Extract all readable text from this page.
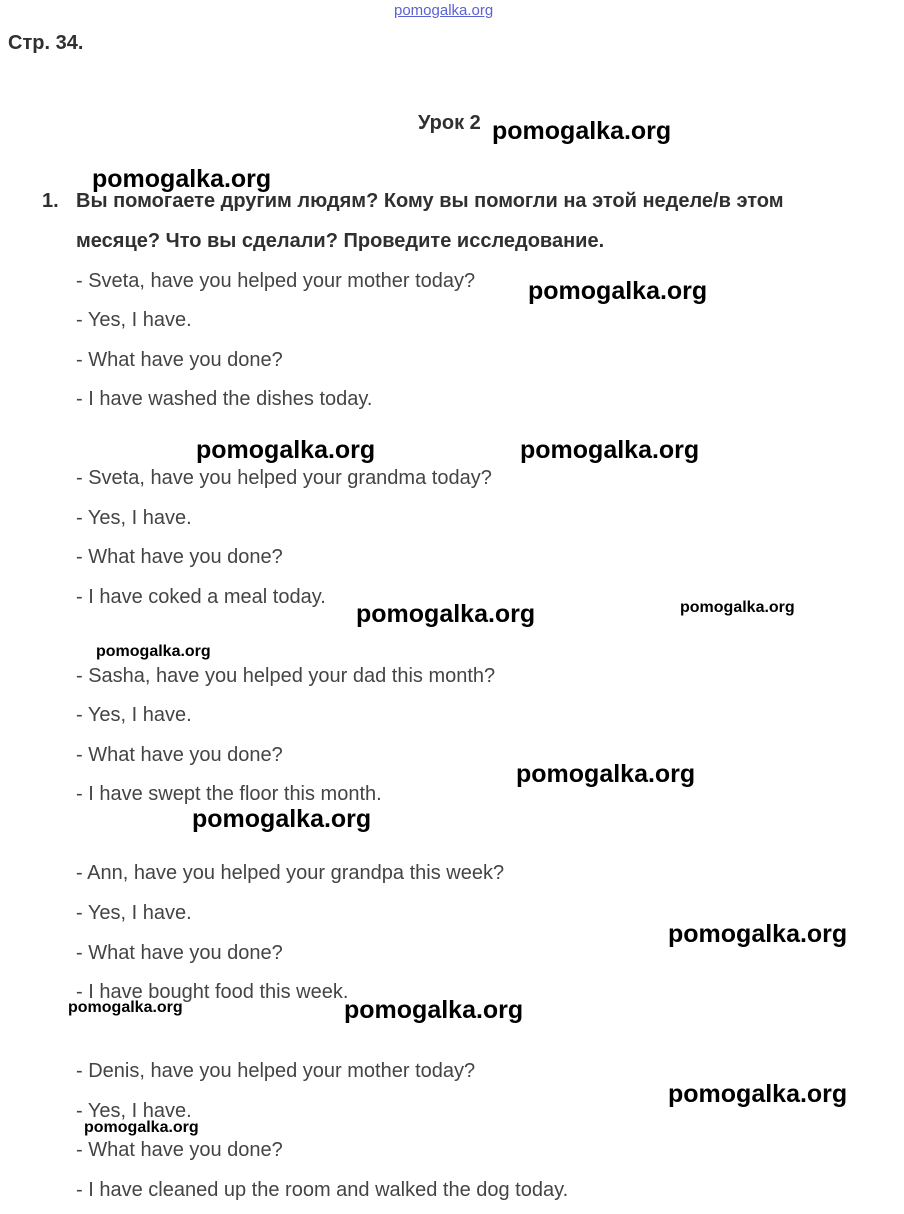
pomogalka.org
Стр. 34.
Урок 2
1. Вы помогаете другим людям? Кому вы помогли на этой неделе/в этом
месяце? Что вы сделали? Проведите исследование.
- Sveta, have you helped your mother today?
- Yes, I have.
- What have you done?
- I have washed the dishes today.
- Sveta, have you helped your grandma today?
- Yes, I have.
- What have you done?
- I have coked a meal today.
- Sasha, have you helped your dad this month?
- Yes, I have.
- What have you done?
- I have swept the floor this month.
- Ann, have you helped your grandpa this week?
- Yes, I have.
- What have you done?
- I have bought food this week.
- Denis, have you helped your mother today?
- Yes, I have.
- What have you done?
- I have cleaned up the room and walked the dog today.
pomogalka.org
pomogalka.org
pomogalka.org
pomogalka.org	pomogalka.org
pomogalka.org	pomogalka.org
pomogalka.org
pomogalka.org
pomogalka.org
pomogalka.org
pomogalka.org	pomogalka.org
pomogalka.org
pomogalka.org
